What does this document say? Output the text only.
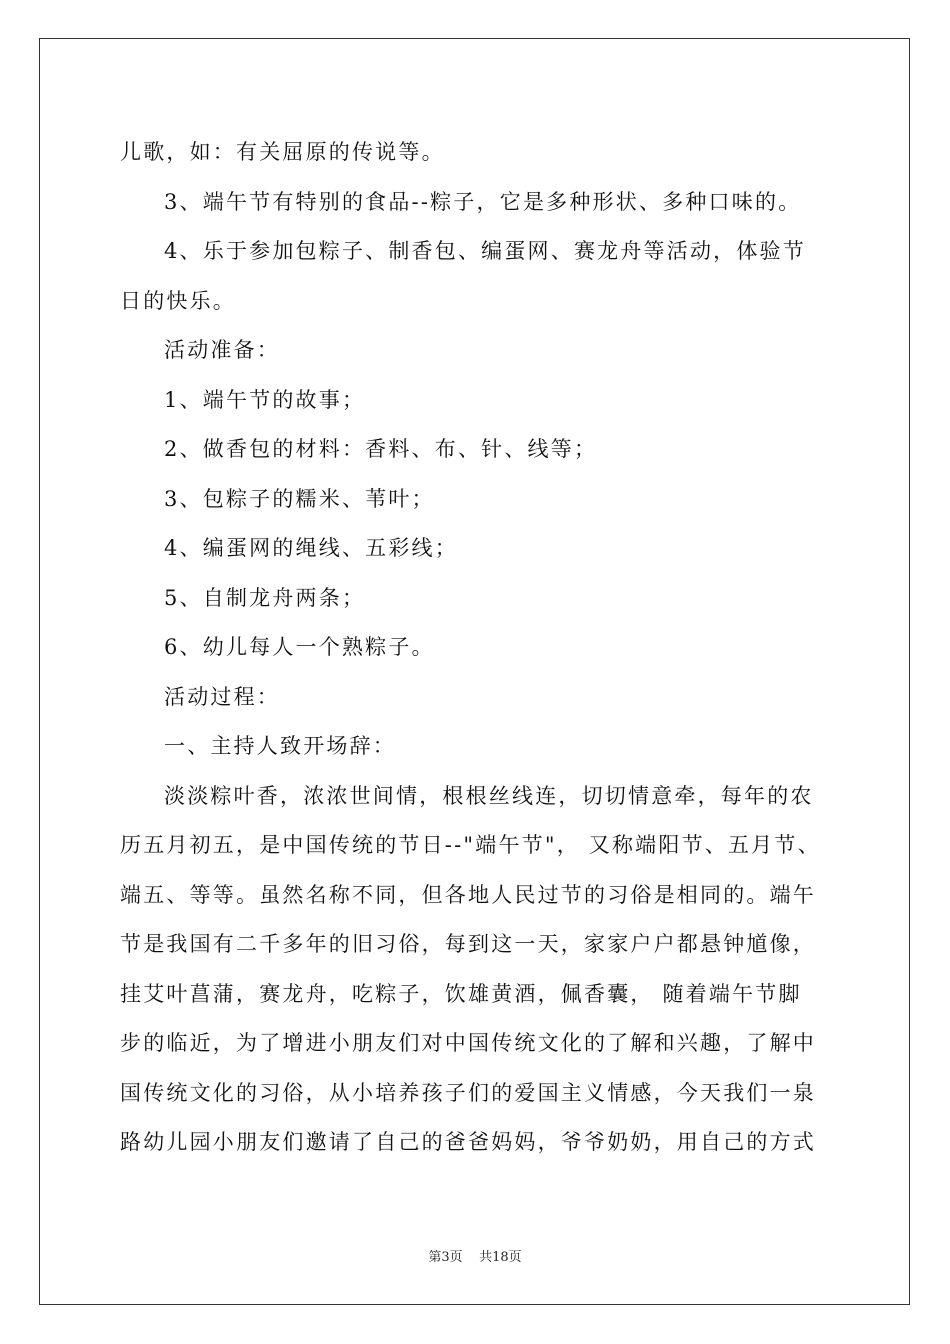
儿歌，如：有关屈原的传说等。
3、端午节有特别的食品--粽子，它是多种形状、多种口味的。
4、乐于参加包粽子、制香包、编蛋网、赛龙舟等活动，体验节
日的快乐。
活动准备：
1、端午节的故事；
2、做香包的材料：香料、布、针、线等；
3、包粽子的糯米、苇叶；
4、编蛋网的绳线、五彩线；
5、自制龙舟两条；
6、幼儿每人一个熟粽子。
活动过程：
一、主持人致开场辞：
淡淡粽叶香，浓浓世间情，根根丝线连，切切情意牵，每年的农
历五月初五，是中国传统的节日--"端午节"， 又称端阳节、五月节、
端五、等等。虽然名称不同，但各地人民过节的习俗是相同的。端午
节是我国有二千多年的旧习俗，每到这一天，家家户户都悬钟馗像，
挂艾叶菖蒲，赛龙舟，吃粽子，饮雄黄酒，佩香囊， 随着端午节脚
步的临近，为了增进小朋友们对中国传统文化的了解和兴趣，了解中
国传统文化的习俗，从小培养孩子们的爱国主义情感，今天我们一泉
路幼儿园小朋友们邀请了自己的爸爸妈妈，爷爷奶奶，用自己的方式
第3页 共18页
